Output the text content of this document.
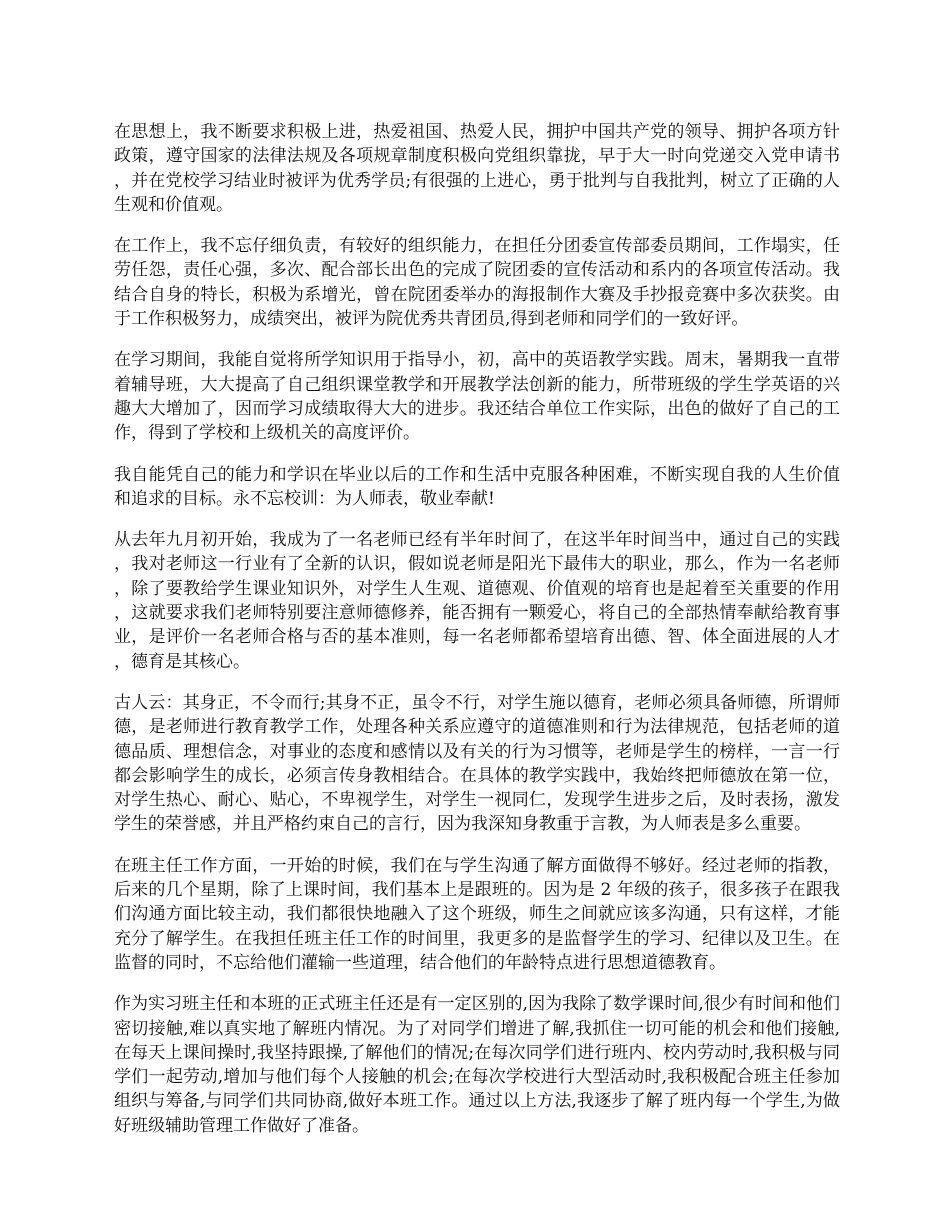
在思想上，我不断要求积极上进，热爱祖国、热爱人民，拥护中国共产党的领导、拥护各项方针政策，遵守国家的法律法规及各项规章制度积极向党组织靠拢，早于大一时向党递交入党申请书，并在党校学习结业时被评为优秀学员;有很强的上进心，勇于批判与自我批判，树立了正确的人生观和价值观。

在工作上，我不忘仔细负责，有较好的组织能力，在担任分团委宣传部委员期间，工作塌实，任劳任怨，责任心强，多次、配合部长出色的完成了院团委的宣传活动和系内的各项宣传活动。我结合自身的特长，积极为系增光，曾在院团委举办的海报制作大赛及手抄报竞赛中多次获奖。由于工作积极努力，成绩突出，被评为院优秀共青团员,得到老师和同学们的一致好评。

在学习期间，我能自觉将所学知识用于指导小，初，高中的英语教学实践。周末，暑期我一直带着辅导班，大大提高了自己组织课堂教学和开展教学法创新的能力，所带班级的学生学英语的兴趣大大增加了，因而学习成绩取得大大的进步。我还结合单位工作实际，出色的做好了自己的工作，得到了学校和上级机关的高度评价。

我自能凭自己的能力和学识在毕业以后的工作和生活中克服各种困难，不断实现自我的人生价值和追求的目标。永不忘校训：为人师表，敬业奉献!

从去年九月初开始，我成为了一名老师已经有半年时间了，在这半年时间当中，通过自己的实践，我对老师这一行业有了全新的认识，假如说老师是阳光下最伟大的职业，那么，作为一名老师，除了要教给学生课业知识外，对学生人生观、道德观、价值观的培育也是起着至关重要的作用，这就要求我们老师特别要注意师德修养，能否拥有一颗爱心，将自己的全部热情奉献给教育事业，是评价一名老师合格与否的基本准则，每一名老师都希望培育出德、智、体全面进展的人才，德育是其核心。

古人云：其身正，不令而行;其身不正，虽令不行，对学生施以德育，老师必须具备师德，所谓师德，是老师进行教育教学工作，处理各种关系应遵守的道德准则和行为法律规范，包括老师的道德品质、理想信念，对事业的态度和感情以及有关的行为习惯等，老师是学生的榜样，一言一行都会影响学生的成长，必须言传身教相结合。在具体的教学实践中，我始终把师德放在第一位，对学生热心、耐心、贴心，不卑视学生，对学生一视同仁，发现学生进步之后，及时表扬，激发学生的荣誉感，并且严格约束自己的言行，因为我深知身教重于言教，为人师表是多么重要。

在班主任工作方面，一开始的时候，我们在与学生沟通了解方面做得不够好。经过老师的指教，后来的几个星期，除了上课时间，我们基本上是跟班的。因为是 2 年级的孩子，很多孩子在跟我们沟通方面比较主动，我们都很快地融入了这个班级，师生之间就应该多沟通，只有这样，才能充分了解学生。在我担任班主任工作的时间里，我更多的是监督学生的学习、纪律以及卫生。在监督的同时，不忘给他们灌输一些道理，结合他们的年龄特点进行思想道德教育。

作为实习班主任和本班的正式班主任还是有一定区别的,因为我除了数学课时间,很少有时间和他们密切接触,难以真实地了解班内情况。为了对同学们增进了解,我抓住一切可能的机会和他们接触,在每天上课间操时,我坚持跟操,了解他们的情况;在每次同学们进行班内、校内劳动时,我积极与同学们一起劳动,增加与他们每个人接触的机会;在每次学校进行大型活动时,我积极配合班主任参加组织与筹备,与同学们共同协商,做好本班工作。通过以上方法,我逐步了解了班内每一个学生,为做好班级辅助管理工作做好了准备。
